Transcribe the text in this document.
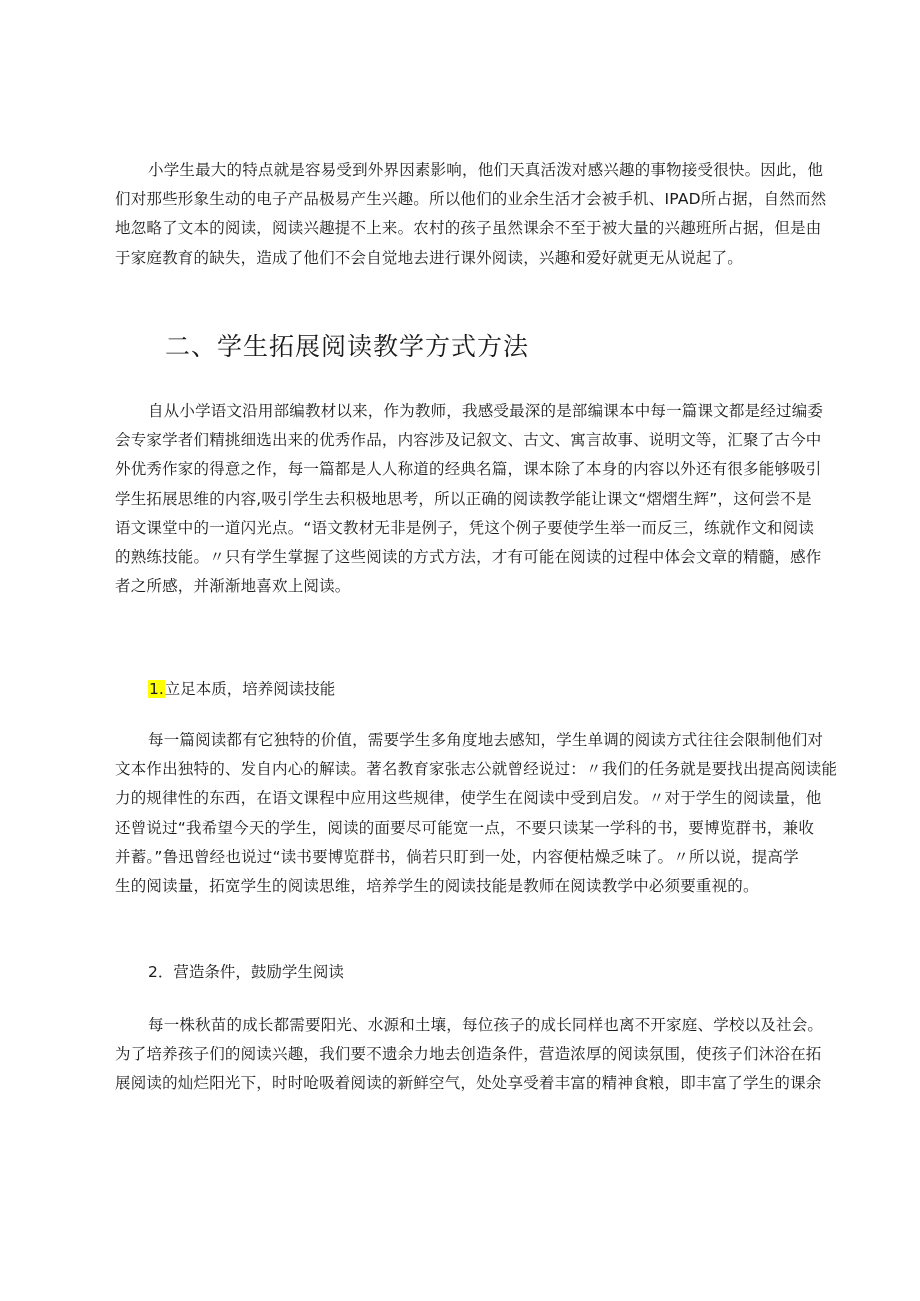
小学生最大的特点就是容易受到外界因素影响，他们天真活泼对感兴趣的事物接受很快。因此，他
们对那些形象生动的电子产品极易产生兴趣。所以他们的业余生活才会被手机、IPAD所占据，自然而然
地忽略了文本的阅读，阅读兴趣提不上来。农村的孩子虽然课余不至于被大量的兴趣班所占据，但是由
于家庭教育的缺失，造成了他们不会自觉地去进行课外阅读，兴趣和爱好就更无从说起了。

二、学生拓展阅读教学方式方法

自从小学语文沿用部编教材以来，作为教师，我感受最深的是部编课本中每一篇课文都是经过编委
会专家学者们精挑细选出来的优秀作品，内容涉及记叙文、古文、寓言故事、说明文等，汇聚了古今中
外优秀作家的得意之作，每一篇都是人人称道的经典名篇，课本除了本身的内容以外还有很多能够吸引
学生拓展思维的内容,吸引学生去积极地思考，所以正确的阅读教学能让课文“熠熠生辉”，这何尝不是
语文课堂中的一道闪光点。“语文教材无非是例子，凭这个例子要使学生举一而反三，练就作文和阅读
的熟练技能。〃只有学生掌握了这些阅读的方式方法，才有可能在阅读的过程中体会文章的精髓，感作
者之所感，并渐渐地喜欢上阅读。

1.立足本质，培养阅读技能

每一篇阅读都有它独特的价值，需要学生多角度地去感知，学生单调的阅读方式往往会限制他们对
文本作出独特的、发自内心的解读。著名教育家张志公就曾经说过：〃我们的任务就是要找出提高阅读能
力的规律性的东西，在语文课程中应用这些规律，使学生在阅读中受到启发。〃对于学生的阅读量，他
还曾说过“我希望今天的学生，阅读的面要尽可能宽一点，不要只读某一学科的书，要博览群书，兼收
并蓄。”鲁迅曾经也说过“读书要博览群书，倘若只盯到一处，内容便枯燥乏味了。〃所以说，提高学
生的阅读量，拓宽学生的阅读思维，培养学生的阅读技能是教师在阅读教学中必须要重视的。

2．营造条件，鼓励学生阅读

每一株秋苗的成长都需要阳光、水源和土壤，每位孩子的成长同样也离不开家庭、学校以及社会。
为了培养孩子们的阅读兴趣，我们要不遗余力地去创造条件，营造浓厚的阅读氛围，使孩子们沐浴在拓
展阅读的灿烂阳光下，时时呛吸着阅读的新鲜空气，处处享受着丰富的精神食粮，即丰富了学生的课余
